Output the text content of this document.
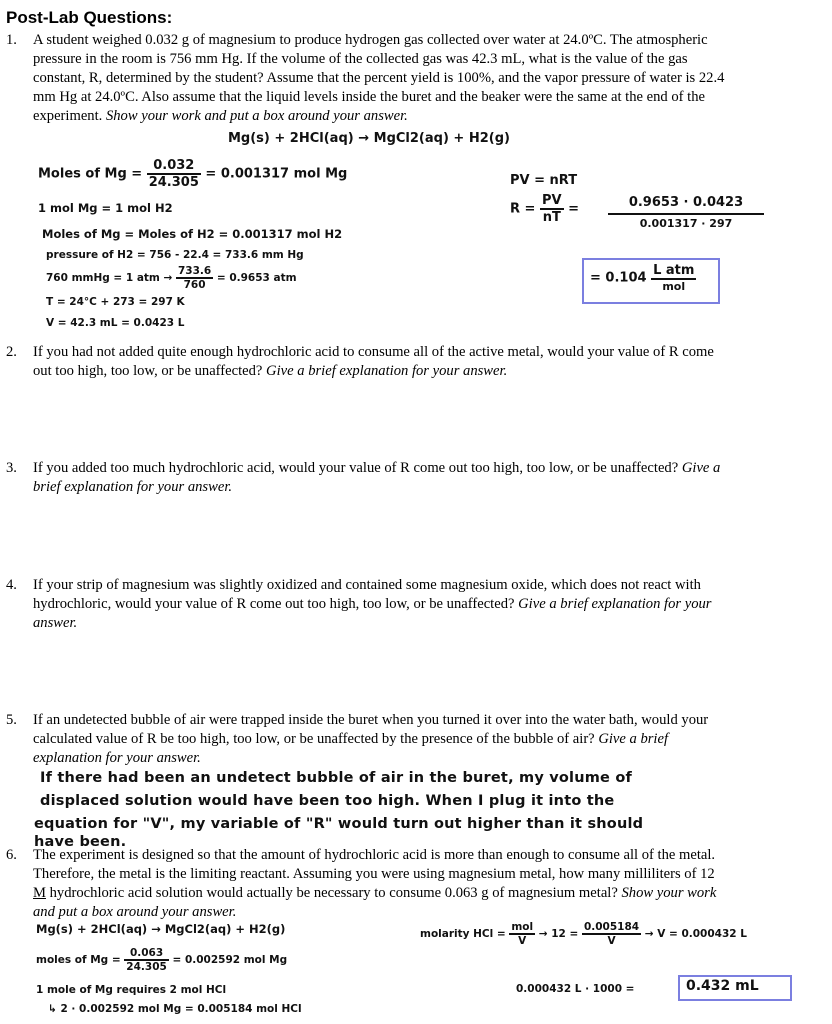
Post-Lab Questions:
1. A student weighed 0.032 g of magnesium to produce hydrogen gas collected over water at 24.0ºC. The atmospheric pressure in the room is 756 mm Hg. If the volume of the collected gas was 42.3 mL, what is the value of the gas constant, R, determined by the student? Assume that the percent yield is 100%, and the vapor pressure of water is 22.4 mm Hg at 24.0ºC. Also assume that the liquid levels inside the buret and the beaker were the same at the end of the experiment. Show your work and put a box around your answer.
Mg(s) + 2HCl(aq) → MgCl2(aq) + H2(g)
Moles of $Mg = \frac{0.032}{24.305} = 0.001317$ mol Mg
1 mol Mg = 1 mol H2
Moles of Mg = Moles of H2 = 0.001317 mol H2
pressure of H2 = 756 - 22.4 = 733.6 mm Hg
760 mmHg = 1 atm → $\frac{733.6}{760} = 0.9653$ atm
T = 24°C + 273 = 297 K
V = 42.3 mL = 0.0423 L
PV = nRT
$R = \frac{PV}{nT}$ =	0.9653 · 0.0423
0.001317 · 297
= $0.104 \frac{\text{L atm}}{\text{mol}}$
2. If you had not added quite enough hydrochloric acid to consume all of the active metal, would your value of R come out too high, too low, or be unaffected? Give a brief explanation for your answer.
3. If you added too much hydrochloric acid, would your value of R come out too high, too low, or be unaffected? Give a brief explanation for your answer.
4. If your strip of magnesium was slightly oxidized and contained some magnesium oxide, which does not react with hydrochloric, would your value of R come out too high, too low, or be unaffected? Give a brief explanation for your answer.
5. If an undetected bubble of air were trapped inside the buret when you turned it over into the water bath, would your calculated value of R be too high, too low, or be unaffected by the presence of the bubble of air? Give a brief explanation for your answer.
If there had been an undetect bubble of air in the buret, my volume of
displaced solution would have been too high. When I plug it into the
equation for "V", my variable of "R" would turn out higher than it should
have been.
6. The experiment is designed so that the amount of hydrochloric acid is more than enough to consume all of the metal. Therefore, the metal is the limiting reactant. Assuming you were using magnesium metal, how many milliliters of 12 M hydrochloric acid solution would actually be necessary to consume 0.063 g of magnesium metal? Show your work and put a box around your answer.
Mg(s) + 2HCl(aq) → MgCl2(aq) + H2(g)
moles of $Mg = \frac{0.063}{24.305} = 0.002592$ mol Mg
1 mole of Mg requires 2 mol HCl
↳ 2 · 0.002592 mol Mg = 0.005184 mol HCl
molarity HCl = $\frac{\text{mol}}{V} \to 12 = \frac{0.005184}{V} \to V = 0.000432$ L
0.000432 L · 1000 =	0.432 mL
